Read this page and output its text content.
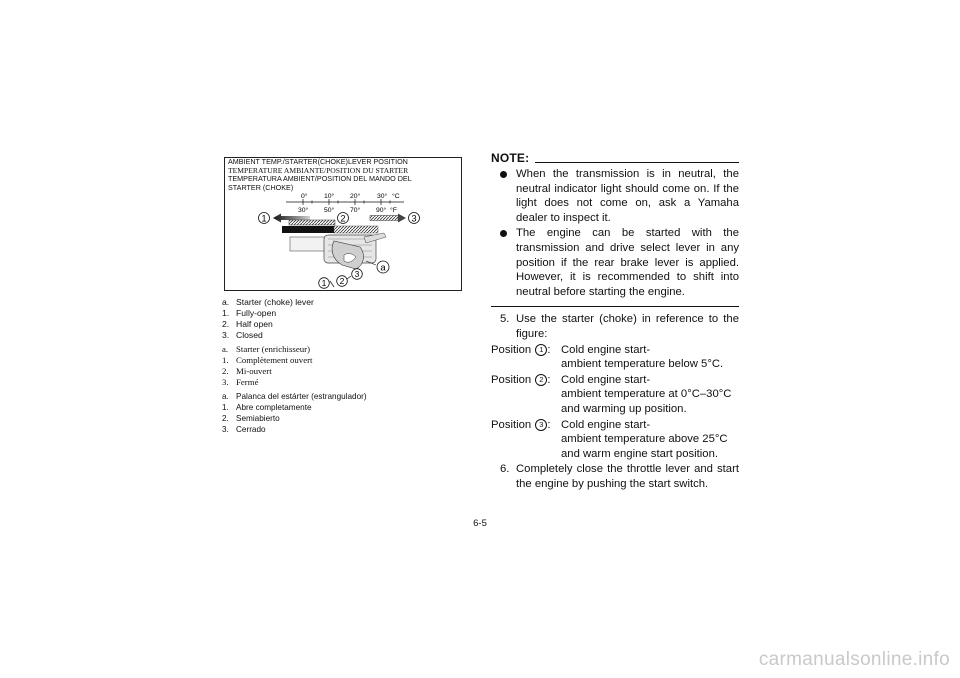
AMBIENT TEMP./STARTER(CHOKE)LEVER POSITION
TEMPERATURE AMBIANTE/POSITION DU STARTER
TEMPERATURA AMBIENT/POSITION DEL MANDO DEL
STARTER (CHOKE)
0° 10° 20° 30° °C
30° 50° 70° 90° °F
1	2	3
a
1 2
3
a. Starter (choke) lever
1. Fully-open
2. Half open
3. Closed
a. Starter (enrichisseur)
1. Complètement ouvert
2. Mi-ouvert
3. Fermé
a. Palanca del estárter (estrangulador)
1. Abre completamente
2. Semiabierto
3. Cerrado
NOTE:
When the transmission is in neutral, the neutral indicator light should come on. If the light does not come on, ask a Yamaha dealer to inspect it.
The engine can be started with the transmission and drive select lever in any position if the rear brake lever is applied. However, it is recommended to shift into neutral before starting the engine.
5. Use the starter (choke) in reference to the figure:
Position 1 : Cold engine start-
ambient temperature below 5°C.
Position 2 : Cold engine start-
ambient temperature at 0°C–30°C
and warming up position.
Position 3 : Cold engine start-
ambient temperature above 25°C
and warm engine start position.
6. Completely close the throttle lever and start the engine by pushing the start switch.
6-5
carmanualsonline.info
